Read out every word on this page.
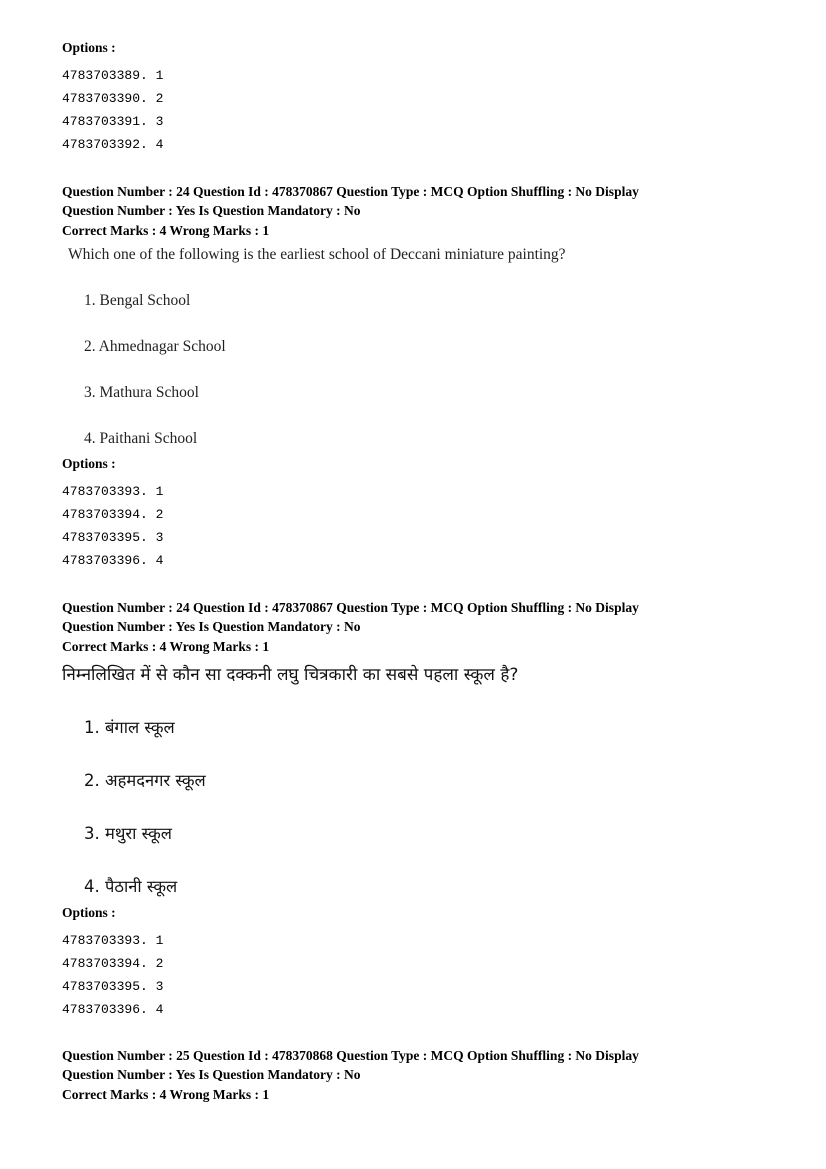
Options :
4783703389. 1
4783703390. 2
4783703391. 3
4783703392. 4
Question Number : 24 Question Id : 478370867 Question Type : MCQ Option Shuffling : No Display
Question Number : Yes Is Question Mandatory : No
Correct Marks : 4 Wrong Marks : 1
Which one of the following is the earliest school of Deccani miniature painting?
1. Bengal School
2. Ahmednagar School
3. Mathura School
4. Paithani School
Options :
4783703393. 1
4783703394. 2
4783703395. 3
4783703396. 4
Question Number : 24 Question Id : 478370867 Question Type : MCQ Option Shuffling : No Display
Question Number : Yes Is Question Mandatory : No
Correct Marks : 4 Wrong Marks : 1
निम्नलिखित में से कौन सा दक्कनी लघु चित्रकारी का सबसे पहला स्कूल है?
1. बंगाल स्कूल
2. अहमदनगर स्कूल
3. मथुरा स्कूल
4. पैठानी स्कूल
Options :
4783703393. 1
4783703394. 2
4783703395. 3
4783703396. 4
Question Number : 25 Question Id : 478370868 Question Type : MCQ Option Shuffling : No Display
Question Number : Yes Is Question Mandatory : No
Correct Marks : 4 Wrong Marks : 1
